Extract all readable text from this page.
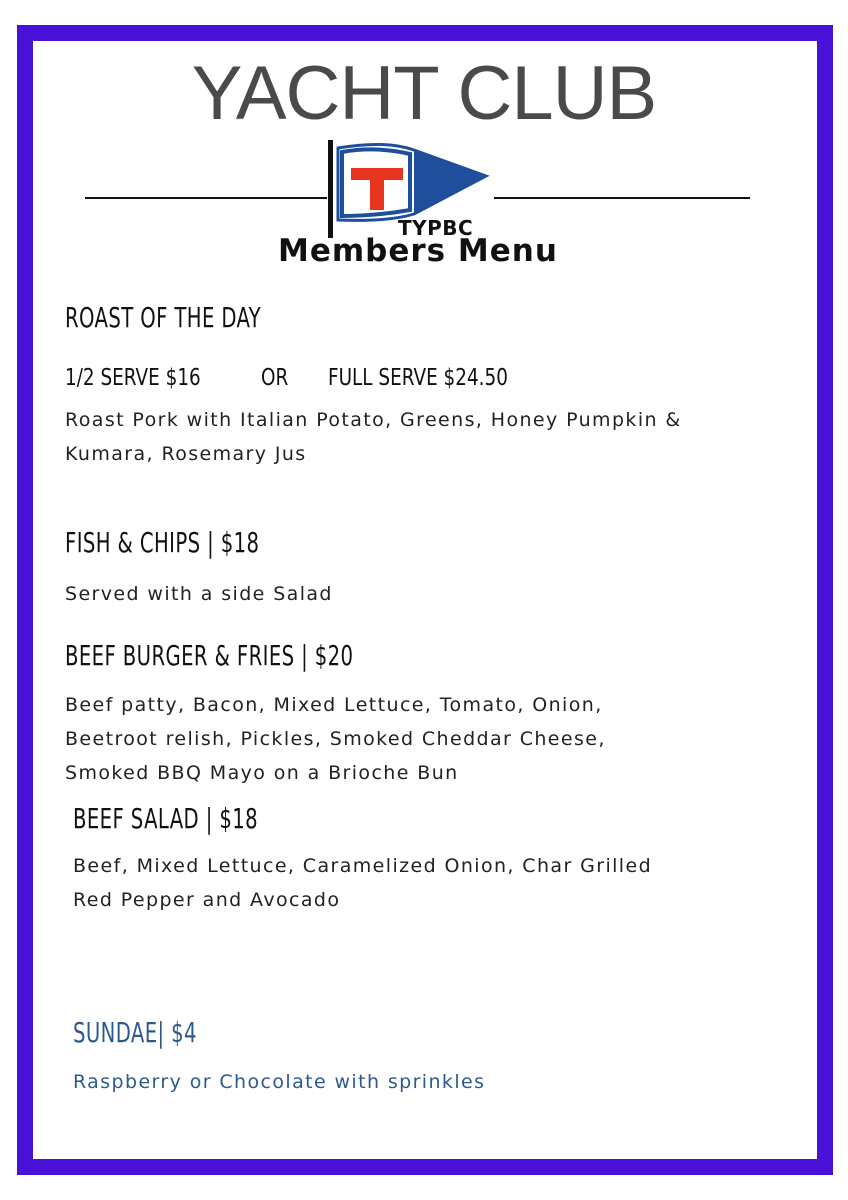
YACHT CLUB
TYPBC
Members Menu
ROAST OF THE DAY
1/2 SERVE $16	OR FULL SERVE $24.50
Roast Pork with Italian Potato, Greens, Honey Pumpkin &
Kumara, Rosemary Jus
FISH & CHIPS | $18
Served with a side Salad
BEEF BURGER & FRIES | $20
Beef patty, Bacon, Mixed Lettuce, Tomato, Onion,
Beetroot relish, Pickles, Smoked Cheddar Cheese,
Smoked BBQ Mayo on a Brioche Bun
BEEF SALAD | $18
Beef, Mixed Lettuce, Caramelized Onion, Char Grilled
Red Pepper and Avocado
SUNDAE| $4
Raspberry or Chocolate with sprinkles
